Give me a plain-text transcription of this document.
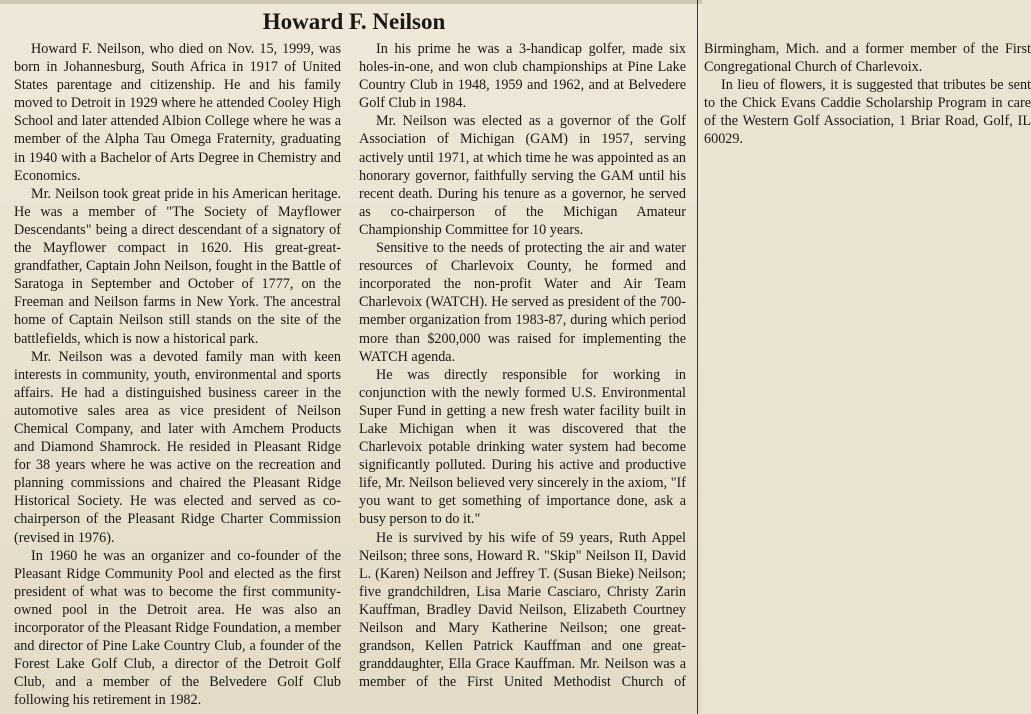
Howard F. Neilson

Howard F. Neilson, who died on Nov. 15, 1999, was born in Johannesburg, South Africa in 1917 of United States parentage and citizenship. He and his family moved to Detroit in 1929 where he attended Cooley High School and later attended Albion College where he was a member of the Alpha Tau Omega Fraternity, graduating in 1940 with a Bachelor of Arts Degree in Chemistry and Economics.

Mr. Neilson took great pride in his American heritage. He was a member of "The Society of Mayflower Descendants" being a direct descendant of a signatory of the Mayflower compact in 1620. His great-great-grandfather, Captain John Neilson, fought in the Battle of Saratoga in September and October of 1777, on the Freeman and Neilson farms in New York. The ancestral home of Captain Neilson still stands on the site of the battlefields, which is now a historical park.

Mr. Neilson was a devoted family man with keen interests in community, youth, environmental and sports affairs. He had a distinguished business career in the automotive sales area as vice president of Neilson Chemical Company, and later with Amchem Products and Diamond Shamrock. He resided in Pleasant Ridge for 38 years where he was active on the recreation and planning commissions and chaired the Pleasant Ridge Historical Society. He was elected and served as co-chairperson of the Pleasant Ridge Charter Commission (revised in 1976).

In 1960 he was an organizer and co-founder of the Pleasant Ridge Community Pool and elected as the first president of what was to become the first community-owned pool in the Detroit area. He was also an incorporator of the Pleasant Ridge Foundation, a member and director of Pine Lake Country Club, a founder of the Forest Lake Golf Club, a director of the Detroit Golf Club, and a member of the Belvedere Golf Club following his retirement in 1982.

In his prime he was a 3-handicap golfer, made six holes-in-one, and won club championships at Pine Lake Country Club in 1948, 1959 and 1962, and at Belvedere Golf Club in 1984.

Mr. Neilson was elected as a governor of the Golf Association of Michigan (GAM) in 1957, serving actively until 1971, at which time he was appointed as an honorary governor, faithfully serving the GAM until his recent death. During his tenure as a governor, he served as co-chairperson of the Michigan Amateur Championship Committee for 10 years.

Sensitive to the needs of protecting the air and water resources of Charlevoix County, he formed and incorporated the non-profit Water and Air Team Charlevoix (WATCH). He served as president of the 700-member organization from 1983-87, during which period more than $200,000 was raised for implementing the WATCH agenda.

He was directly responsible for working in conjunction with the newly formed U.S. Environmental Super Fund in getting a new fresh water facility built in Lake Michigan when it was discovered that the Charlevoix potable drinking water system had become significantly polluted. During his active and productive life, Mr. Neilson believed very sincerely in the axiom, "If you want to get something of importance done, ask a busy person to do it."

He is survived by his wife of 59 years, Ruth Appel Neilson; three sons, Howard R. "Skip" Neilson II, David L. (Karen) Neilson and Jeffrey T. (Susan Bieke) Neilson; five grandchildren, Lisa Marie Casciaro, Christy Zarin Kauffman, Bradley David Neilson, Elizabeth Courtney Neilson and Mary Katherine Neilson; one great-grandson, Kellen Patrick Kauffman and one great-granddaughter, Ella Grace Kauffman. Mr. Neilson was a member of the First United Methodist Church of Birmingham, Mich. and a former member of the First Congregational Church of Charlevoix.

In lieu of flowers, it is suggested that tributes be sent to the Chick Evans Caddie Scholarship Program in care of the Western Golf Association, 1 Briar Road, Golf, IL 60029.
